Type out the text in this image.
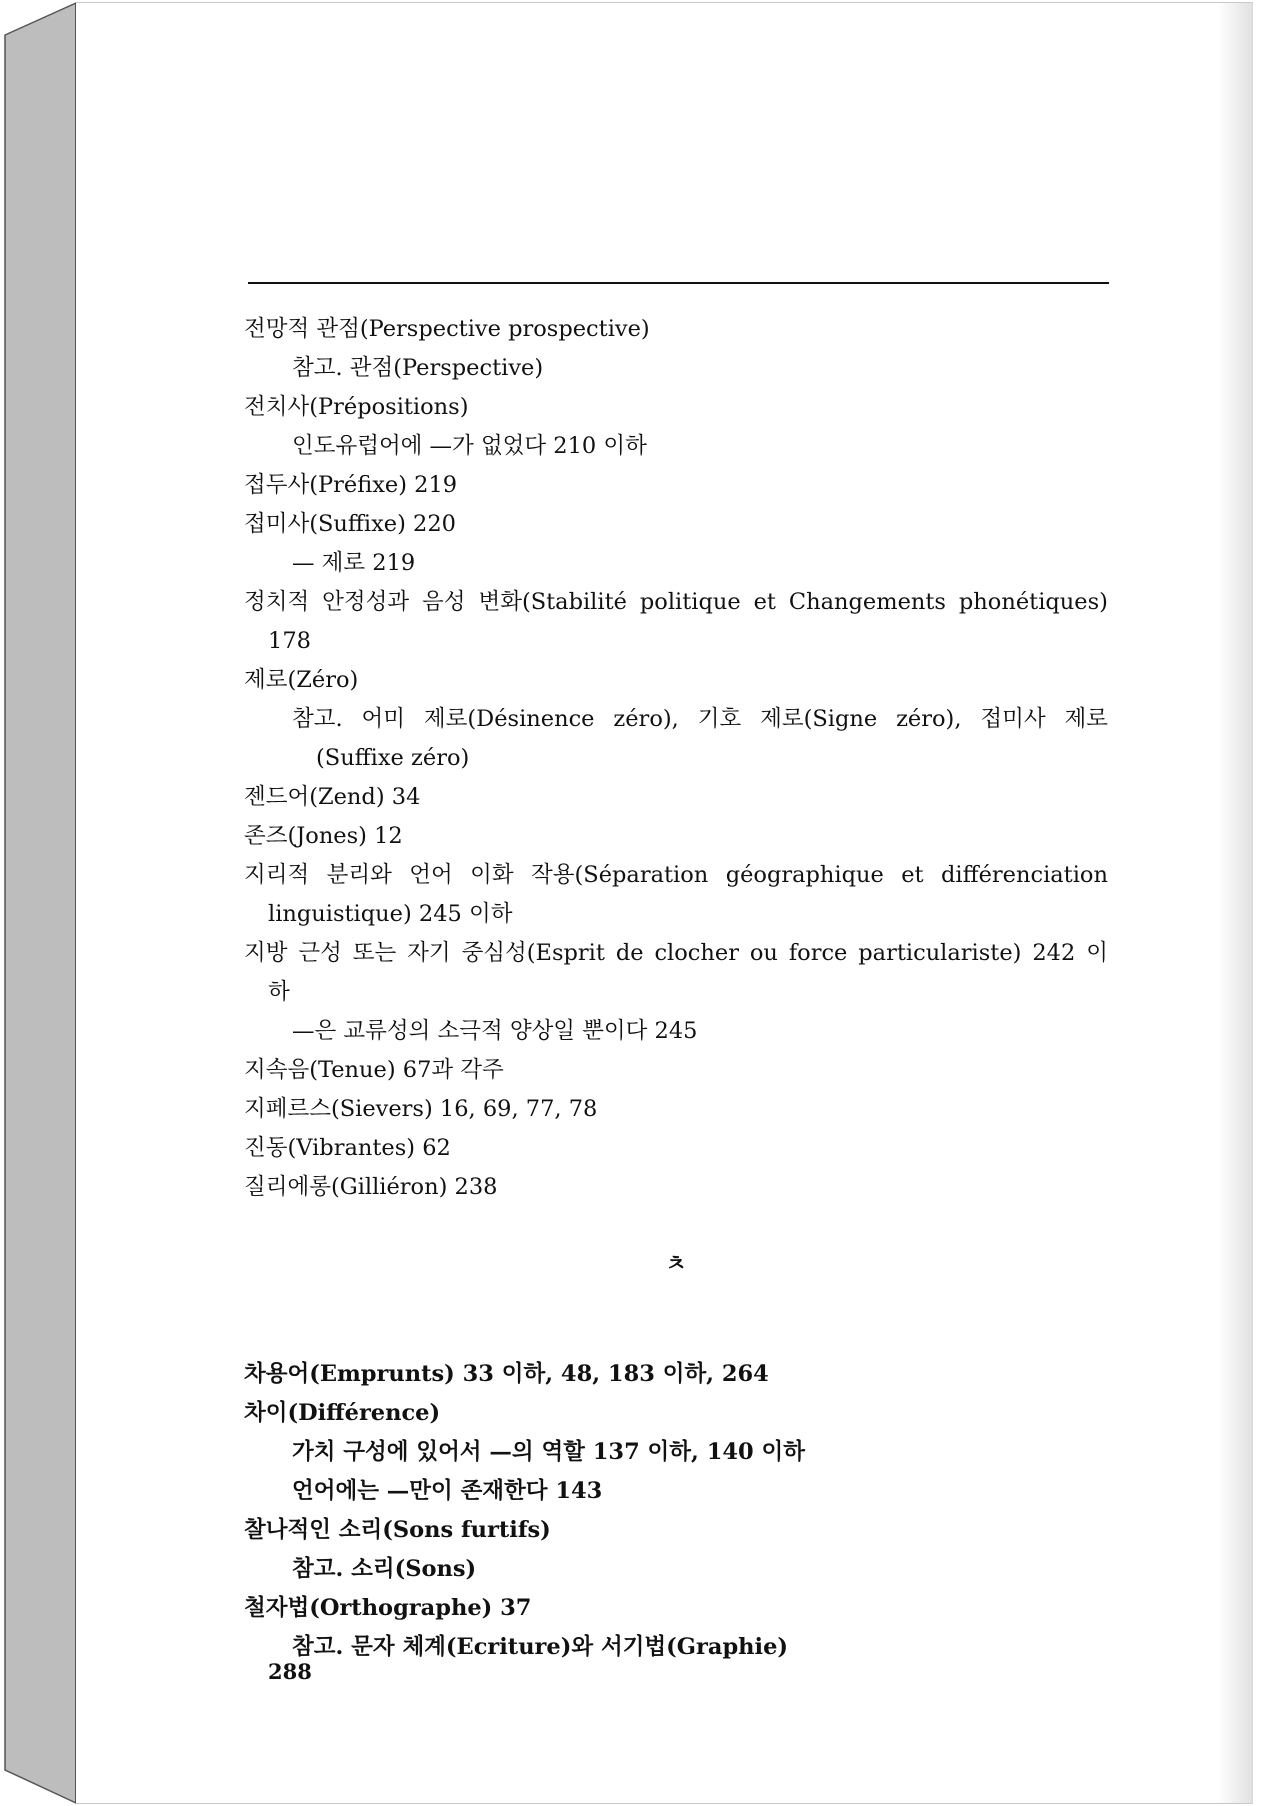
전망적 관점(Perspective prospective)
참고. 관점(Perspective)
전치사(Prépositions)
인도유럽어에 —가 없었다 210 이하
접두사(Préfixe) 219
접미사(Suffixe) 220
— 제로 219
정치적 안정성과 음성 변화(Stabilité politique et Changements phonétiques)
178
제로(Zéro)
참고. 어미 제로(Désinence zéro), 기호 제로(Signe zéro), 접미사 제로
(Suffixe zéro)
젠드어(Zend) 34
존즈(Jones) 12
지리적 분리와 언어 이화 작용(Séparation géographique et différenciation
linguistique) 245 이하
지방 근성 또는 자기 중심성(Esprit de clocher ou force particulariste) 242 이
하
—은 교류성의 소극적 양상일 뿐이다 245
지속음(Tenue) 67과 각주
지페르스(Sievers) 16, 69, 77, 78
진동(Vibrantes) 62
질리에롱(Gilliéron) 238
ㅊ
차용어(Emprunts) 33 이하, 48, 183 이하, 264
차이(Différence)
가치 구성에 있어서 —의 역할 137 이하, 140 이하
언어에는 —만이 존재한다 143
찰나적인 소리(Sons furtifs)
참고. 소리(Sons)
철자법(Orthographe) 37
참고. 문자 체계(Ecriture)와 서기법(Graphie)
288
